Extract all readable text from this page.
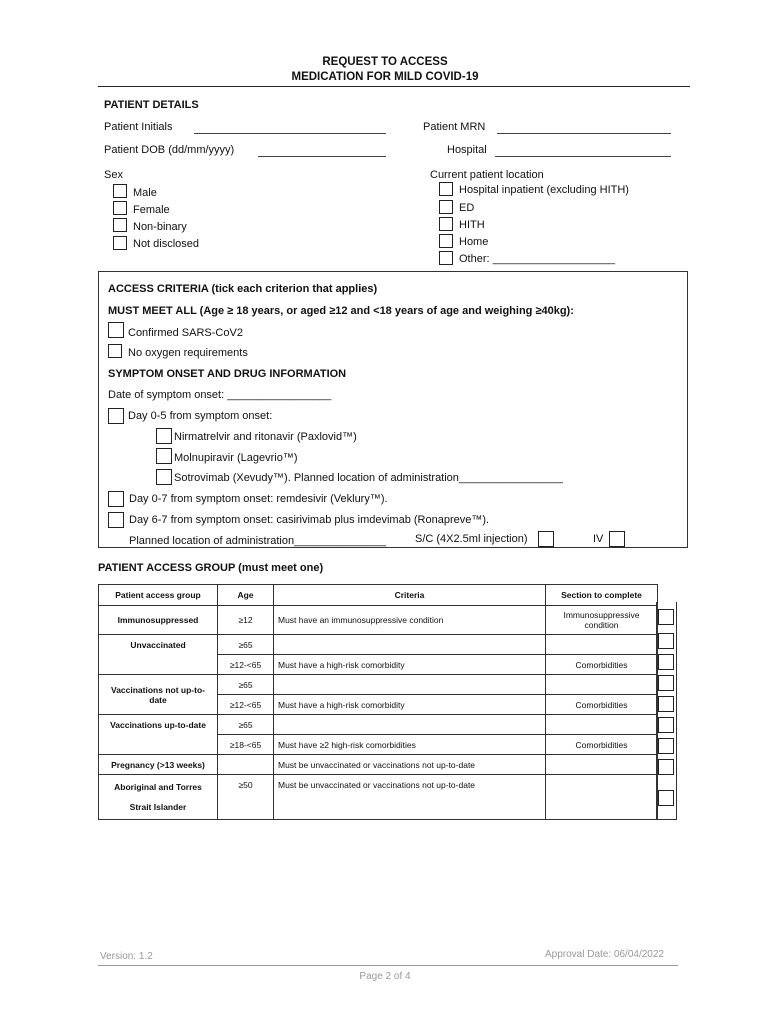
REQUEST TO ACCESS
MEDICATION FOR MILD COVID-19
PATIENT DETAILS
Patient Initials	Patient MRN
Patient DOB (dd/mm/yyyy)	Hospital
Sex
Male
Female
Non-binary
Not disclosed
Current patient location
Hospital inpatient (excluding HITH)
ED
HITH
Home
Other: ____________________
ACCESS CRITERIA (tick each criterion that applies)
MUST MEET ALL (Age ≥ 18 years, or aged ≥12 and <18 years of age and weighing ≥40kg):
Confirmed SARS-CoV2
No oxygen requirements
SYMPTOM ONSET AND DRUG INFORMATION
Date of symptom onset: _________________
Day 0-5 from symptom onset:
Nirmatrelvir and ritonavir (Paxlovid™)
Molnupiravir (Lagevrio™)
Sotrovimab (Xevudy™). Planned location of administration_________________
Day 0-7 from symptom onset: remdesivir (Veklury™).
Day 6-7 from symptom onset: casirivimab plus imdevimab (Ronapreve™).
Planned location of administration_______________	S/C (4X2.5ml injection)	IV
PATIENT ACCESS GROUP (must meet one)
Patient access group	Age	Criteria	Section to complete
Immunosuppressed	≥12	Must have an immunosuppressive condition	Immunosuppressive condition
Unvaccinated	≥65		
	≥12-<65	Must have a high-risk comorbidity	Comorbidities
Vaccinations not up-to-date	≥65		
	≥12-<65	Must have a high-risk comorbidity	Comorbidities
Vaccinations up-to-date	≥65		
	≥18-<65	Must have ≥2 high-risk comorbidities	Comorbidities
Pregnancy (>13 weeks)		Must be unvaccinated or vaccinations not up-to-date	
Aboriginal and Torres Strait Islander	≥50	Must be unvaccinated or vaccinations not up-to-date	
Version: 1.2	Approval Date: 06/04/2022
Page 2 of 4
